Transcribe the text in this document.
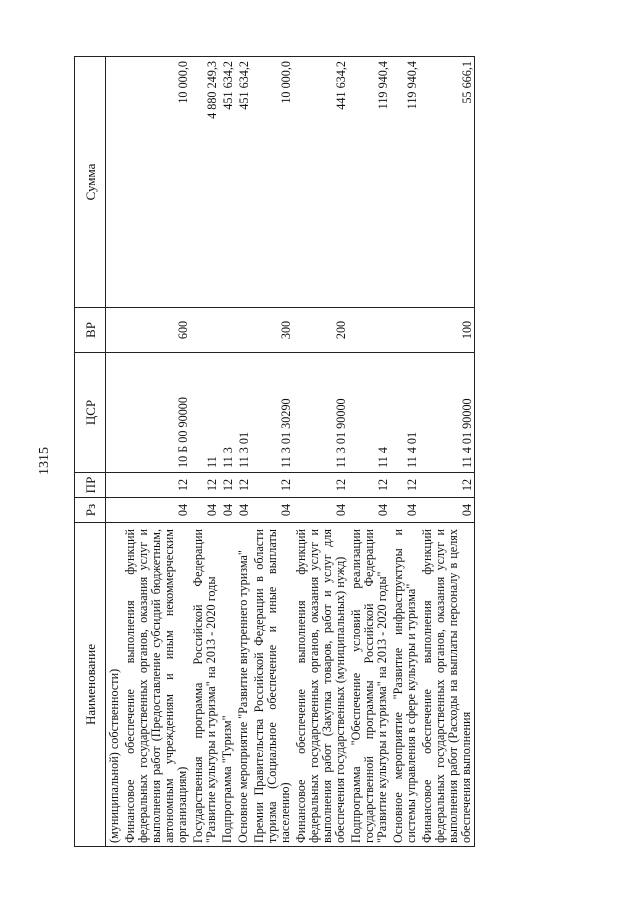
1315
Наименование	Рз	ПР	ЦСР	ВР	Сумма
(муниципальной) собственности)					
Финансовое обеспечение выполнения функций федеральных государственных органов, оказания услуг и выполнения работ (Предоставление субсидий бюджетным, автономным учреждениям и иным некоммерческим организациям)	04	12	10 Б 00 90000	600	10 000,0
Государственная программа Российской Федерации "Развитие культуры и туризма" на 2013 - 2020 годы	04	12	11		4 880 249,3
Подпрограмма "Туризм"	04	12	11 3		451 634,2
Основное мероприятие "Развитие внутреннего туризма"	04	12	11 3 01		451 634,2
Премии Правительства Российской Федерации в области туризма (Социальное обеспечение и иные выплаты населению)	04	12	11 3 01 30290	300	10 000,0
Финансовое обеспечение выполнения функций федеральных государственных органов, оказания услуг и выполнения работ (Закупка товаров, работ и услуг для обеспечения государственных (муниципальных) нужд)	04	12	11 3 01 90000	200	441 634,2
Подпрограмма "Обеспечение условий реализации государственной программы Российской Федерации "Развитие культуры и туризма" на 2013 - 2020 годы"	04	12	11 4		119 940,4
Основное мероприятие "Развитие инфраструктуры и системы управления в сфере культуры и туризма"	04	12	11 4 01		119 940,4
Финансовое обеспечение выполнения функций федеральных государственных органов, оказания услуг и выполнения работ (Расходы на выплаты персоналу в целях обеспечения выполнения	04	12	11 4 01 90000	100	55 666,1
